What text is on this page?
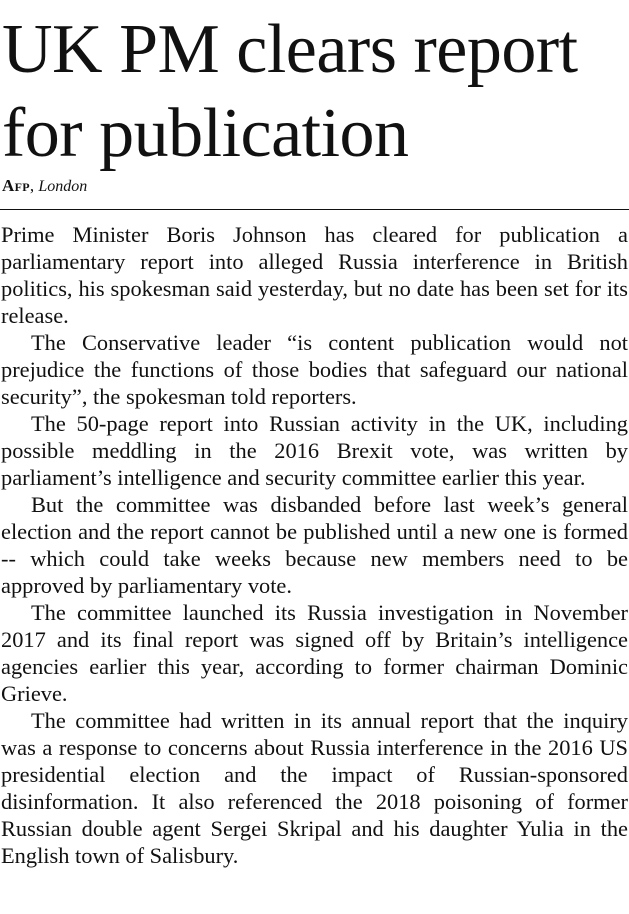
UK PM clears report for publication
Afp, London

Prime Minister Boris Johnson has cleared for publication a parliamentary report into alleged Russia interference in British politics, his spokesman said yesterday, but no date has been set for its release.

The Conservative leader “is content publication would not prejudice the functions of those bodies that safeguard our national security”, the spokesman told reporters.

The 50-page report into Russian activity in the UK, including possible meddling in the 2016 Brexit vote, was written by parliament’s intelligence and security committee earlier this year.

But the committee was disbanded before last week’s general election and the report cannot be published until a new one is formed -- which could take weeks because new members need to be approved by parliamentary vote.

The committee launched its Russia investigation in November 2017 and its final report was signed off by Britain’s intelligence agencies earlier this year, according to former chairman Dominic Grieve.

The committee had written in its annual report that the inquiry was a response to concerns about Russia interference in the 2016 US presidential election and the impact of Russian-sponsored disinformation. It also referenced the 2018 poisoning of former Russian double agent Sergei Skripal and his daughter Yulia in the English town of Salisbury.
